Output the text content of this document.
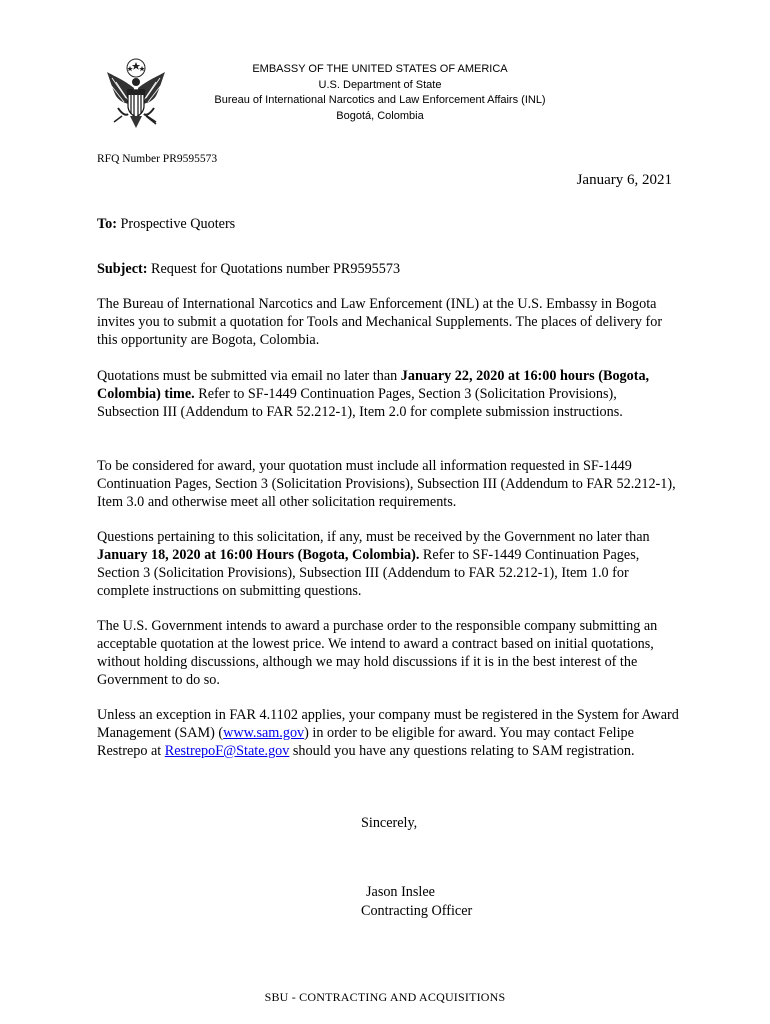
EMBASSY OF THE UNITED STATES OF AMERICA
U.S. Department of State
Bureau of International Narcotics and Law Enforcement Affairs (INL)
Bogotá, Colombia
RFQ Number PR9595573
January 6, 2021
To: Prospective Quoters
Subject: Request for Quotations number PR9595573
The Bureau of International Narcotics and Law Enforcement (INL) at the U.S. Embassy in Bogota invites you to submit a quotation for Tools and Mechanical Supplements. The places of delivery for this opportunity are Bogota, Colombia.
Quotations must be submitted via email no later than January 22, 2020 at 16:00 hours (Bogota, Colombia) time. Refer to SF-1449 Continuation Pages, Section 3 (Solicitation Provisions), Subsection III (Addendum to FAR 52.212-1), Item 2.0 for complete submission instructions.
To be considered for award, your quotation must include all information requested in SF-1449 Continuation Pages, Section 3 (Solicitation Provisions), Subsection III (Addendum to FAR 52.212-1), Item 3.0 and otherwise meet all other solicitation requirements.
Questions pertaining to this solicitation, if any, must be received by the Government no later than January 18, 2020 at 16:00 Hours (Bogota, Colombia). Refer to SF-1449 Continuation Pages, Section 3 (Solicitation Provisions), Subsection III (Addendum to FAR 52.212-1), Item 1.0 for complete instructions on submitting questions.
The U.S. Government intends to award a purchase order to the responsible company submitting an acceptable quotation at the lowest price. We intend to award a contract based on initial quotations, without holding discussions, although we may hold discussions if it is in the best interest of the Government to do so.
Unless an exception in FAR 4.1102 applies, your company must be registered in the System for Award Management (SAM) (www.sam.gov) in order to be eligible for award. You may contact Felipe Restrepo at RestrepoF@State.gov should you have any questions relating to SAM registration.
Sincerely,
Jason Inslee
Contracting Officer
SBU - CONTRACTING AND ACQUISITIONS
